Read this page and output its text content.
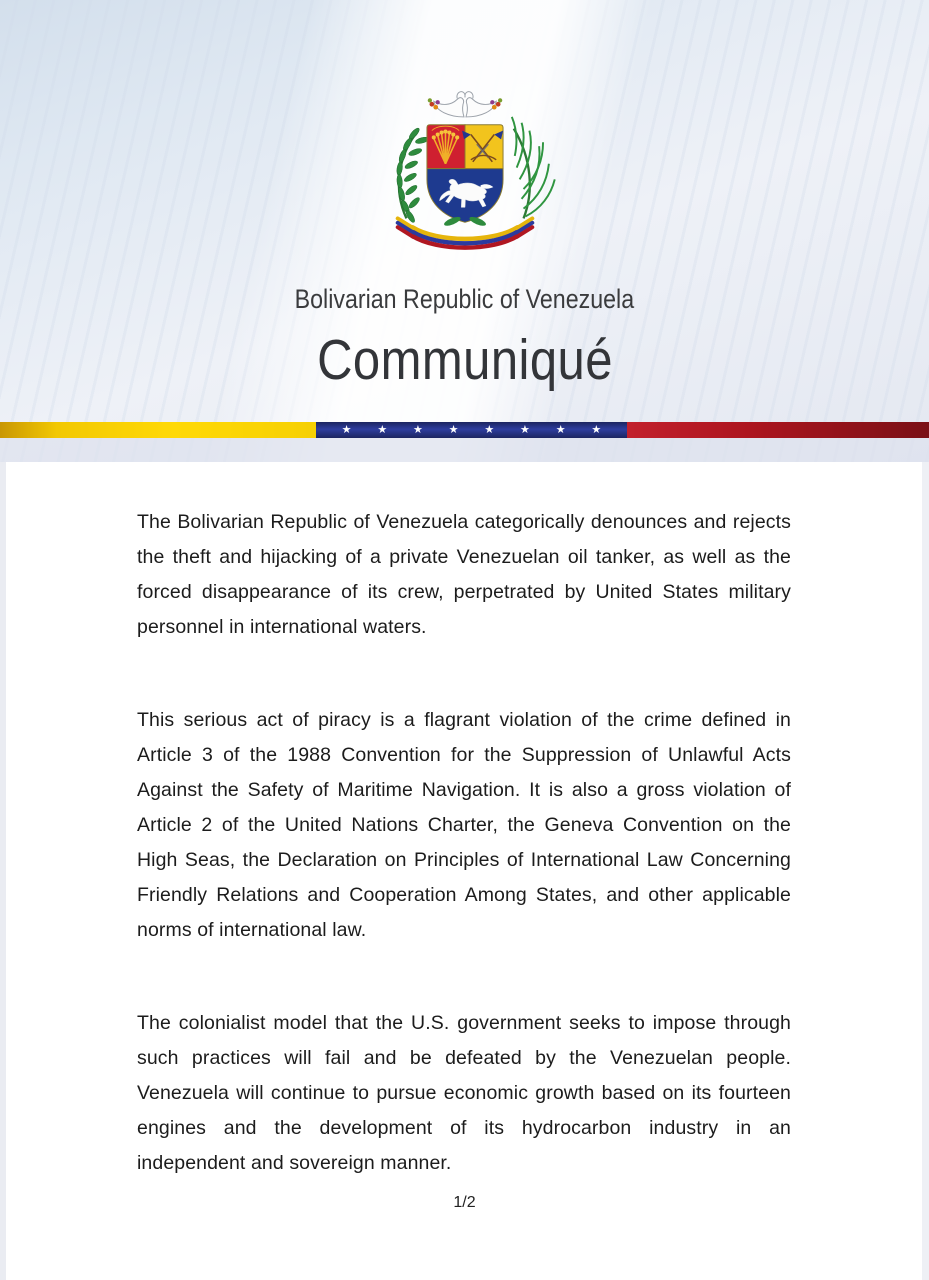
Bolivarian Republic of Venezuela
Communiqué
★ ★ ★ ★ ★ ★ ★ ★

The Bolivarian Republic of Venezuela categorically denounces and rejects the theft and hijacking of a private Venezuelan oil tanker, as well as the forced disappearance of its crew, perpetrated by United States military personnel in international waters.

This serious act of piracy is a flagrant violation of the crime defined in Article 3 of the 1988 Convention for the Suppression of Unlawful Acts Against the Safety of Maritime Navigation. It is also a gross violation of Article 2 of the United Nations Charter, the Geneva Convention on the High Seas, the Declaration on Principles of International Law Concerning Friendly Relations and Cooperation Among States, and other applicable norms of international law.

The colonialist model that the U.S. government seeks to impose through such practices will fail and be defeated by the Venezuelan people. Venezuela will continue to pursue economic growth based on its fourteen engines and the development of its hydrocarbon industry in an independent and sovereign manner.

1/2
